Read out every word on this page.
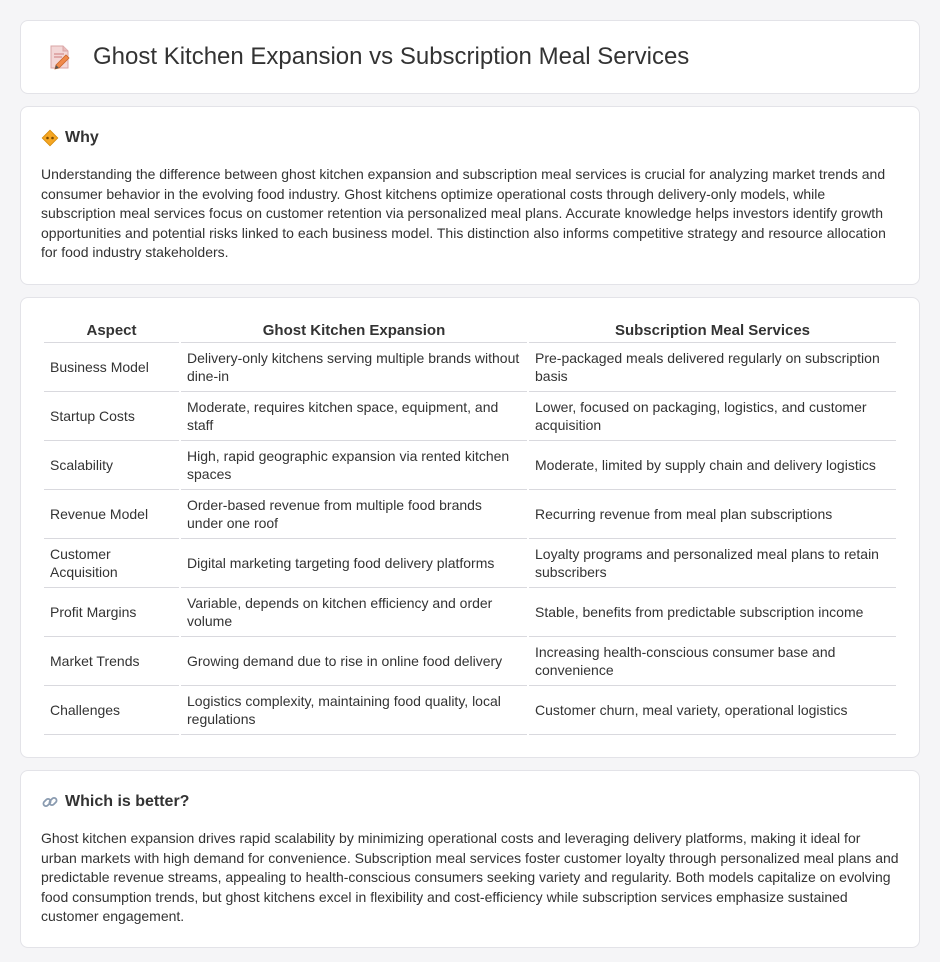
Ghost Kitchen Expansion vs Subscription Meal Services
Why

Understanding the difference between ghost kitchen expansion and subscription meal services is crucial for analyzing market trends and consumer behavior in the evolving food industry. Ghost kitchens optimize operational costs through delivery-only models, while subscription meal services focus on customer retention via personalized meal plans. Accurate knowledge helps investors identify growth opportunities and potential risks linked to each business model. This distinction also informs competitive strategy and resource allocation for food industry stakeholders.

Aspect	Ghost Kitchen Expansion	Subscription Meal Services
Business Model	Delivery-only kitchens serving multiple brands without dine-in	Pre-packaged meals delivered regularly on subscription basis
Startup Costs	Moderate, requires kitchen space, equipment, and staff	Lower, focused on packaging, logistics, and customer acquisition
Scalability	High, rapid geographic expansion via rented kitchen spaces	Moderate, limited by supply chain and delivery logistics
Revenue Model	Order-based revenue from multiple food brands under one roof	Recurring revenue from meal plan subscriptions
Customer Acquisition	Digital marketing targeting food delivery platforms	Loyalty programs and personalized meal plans to retain subscribers
Profit Margins	Variable, depends on kitchen efficiency and order volume	Stable, benefits from predictable subscription income
Market Trends	Growing demand due to rise in online food delivery	Increasing health-conscious consumer base and convenience
Challenges	Logistics complexity, maintaining food quality, local regulations	Customer churn, meal variety, operational logistics
Which is better?

Ghost kitchen expansion drives rapid scalability by minimizing operational costs and leveraging delivery platforms, making it ideal for urban markets with high demand for convenience. Subscription meal services foster customer loyalty through personalized meal plans and predictable revenue streams, appealing to health-conscious consumers seeking variety and regularity. Both models capitalize on evolving food consumption trends, but ghost kitchens excel in flexibility and cost-efficiency while subscription services emphasize sustained customer engagement.
